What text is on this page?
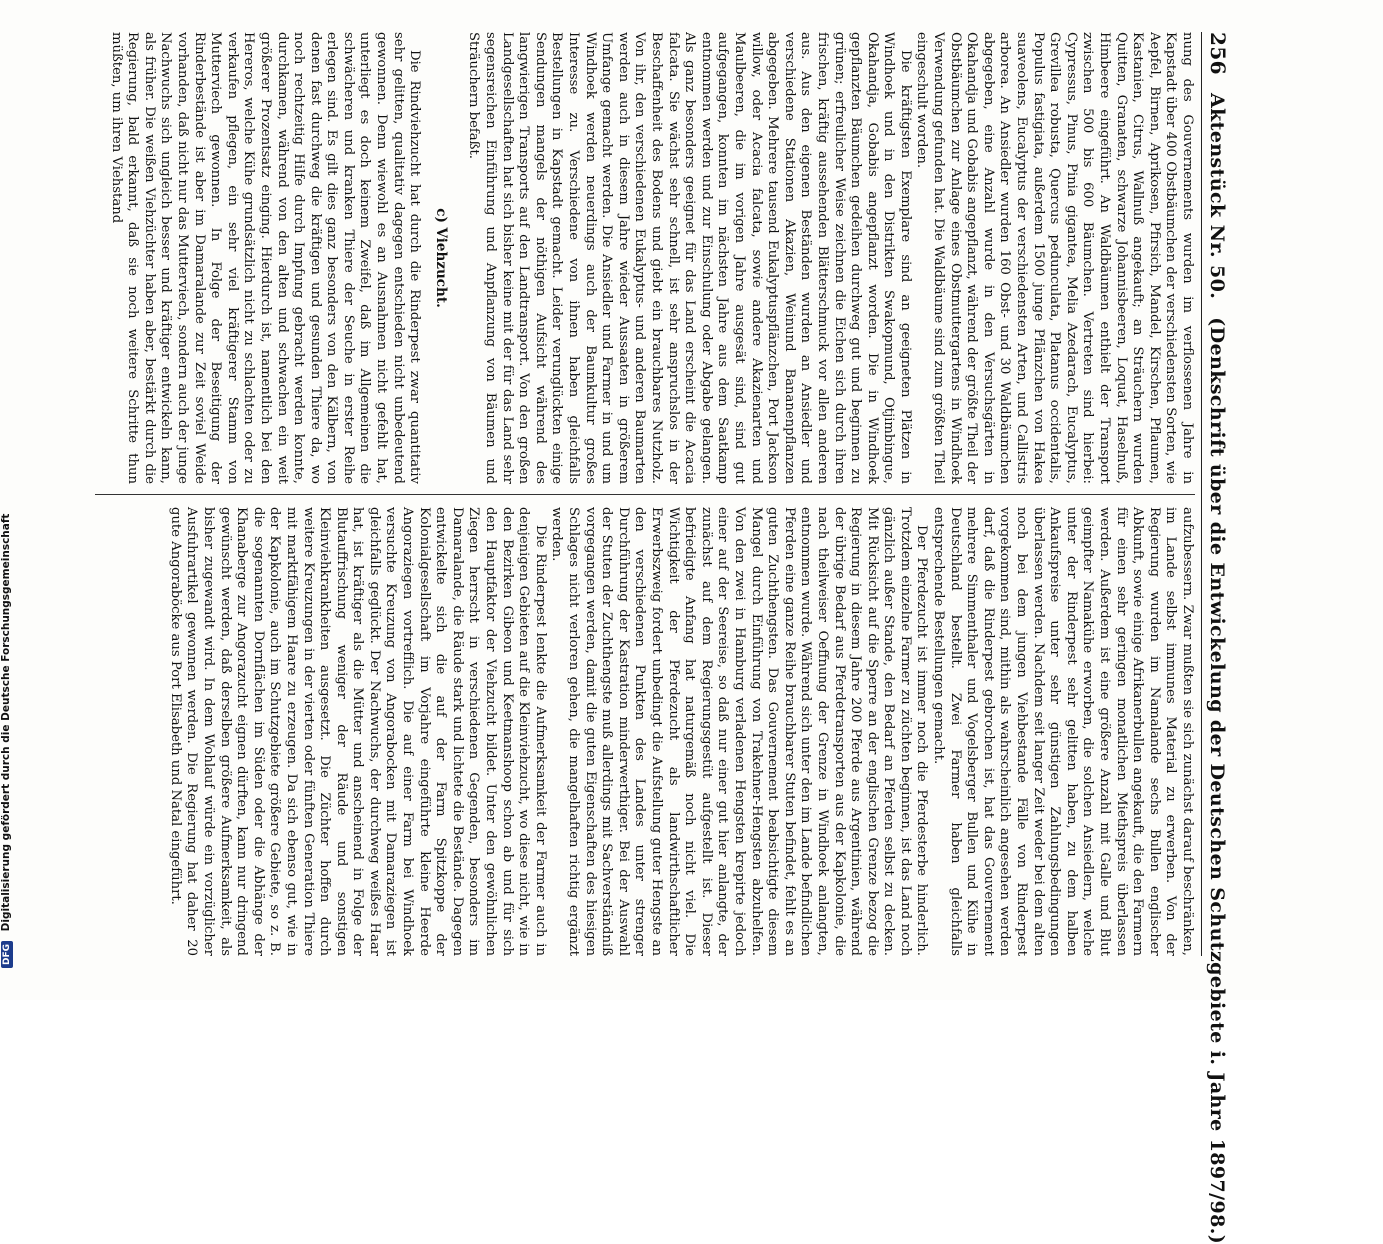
256
Aktenstück Nr. 50.
(Denkschrift über die Entwickelung der Deutschen Schutzgebiete i. Jahre 1897/98.)

nung des Gouvernements wurden im verflossenen Jahre in Kapstadt über 400 Obstbäumchen der verschiedensten Sorten, wie Aepfel, Birnen, Aprikosen, Pfirsich, Mandel, Kirschen, Pflaumen, Kastanien, Citrus, Wallnuß angekauft; an Sträuchern wurden Quitten, Granaten, schwarze Johannisbeeren, Loquat, Haselnuß, Himbeere eingeführt. An Waldbäumen enthielt der Transport zwischen 500 bis 600 Bäumchen. Vertreten sind hierbei: Cypressus, Pinus, Pinia gigantea, Melia Azedarach, Eucalyptus, Grevillea robusta, Quercus pedunculata, Platanus occidentalis, Populus fastigiata, außerdem 1500 junge Pflänzchen von Hakea suaveolens, Eucalyptus der verschiedensten Arten, und Callistris arborea. An Ansiedler wurden 160 Obst- und 30 Waldbäumchen abgegeben, eine Anzahl wurde in den Versuchsgärten in Okahandja und Gobabis angepflanzt, während der größte Theil der Obstbäumchen zur Anlage eines Obstmuttergartens in Windhoek Verwendung gefunden hat. Die Waldbäume sind zum größten Theil eingeschult worden.

Die kräftigsten Exemplare sind an geeigneten Plätzen in Windhoek und in den Distrikten Swakopmund, Otjimbingue, Okahandja, Gobabis angepflanzt worden. Die in Windhoek gepflanzten Bäumchen gedeihen durchweg gut und beginnen zu grünen; erfreulicher Weise zeichnen die Eichen sich durch ihren frischen, kräftig aussehenden Blätterschmuck vor allen anderen aus. Aus den eigenen Beständen wurden an Ansiedler und verschiedene Stationen Akazien, Weinund Bananenpflanzen abgegeben. Mehrere tausend Eukalyptuspflänzchen, Port Jackson willow, oder Acacia falcata, sowie andere Akazienarten und Maulbeeren, die im vorigen Jahre ausgesät sind, sind gut aufgegangen, konnten im nächsten Jahre aus dem Saatkamp entnommen werden und zur Einschulung oder Abgabe gelangen. Als ganz besonders geeignet für das Land erscheint die Acacia falcata. Sie wächst sehr schnell, ist sehr anspruchslos in der Beschaffenheit des Bodens und giebt ein brauchbares Nutzholz. Von ihr, den verschiedenen Eukalyptus- und anderen Baumarten werden auch in diesem Jahre wieder Aussaaten in größerem Umfange gemacht werden. Die Ansiedler und Farmer in und um Windhoek werden neuerdings auch der Baumkultur großes Interesse zu. Verschiedene von ihnen haben gleichfalls Bestellungen in Kapstadt gemacht. Leider verunglückten einige Sendungen mangels der nöthigen Aufsicht während des langwierigen Transports auf den Landtransport. Von den großen Landgesellschaften hat sich bisher keine mit der für das Land sehr segensreichen Einführung und Anpflanzung von Bäumen und Sträuchern befaßt.

c) Viehzucht.

Die Rindviehzucht hat durch die Rinderpest zwar quantitativ sehr gelitten, qualitativ dagegen entschieden nicht unbedeutend gewonnen. Denn wiewohl es an Ausnahmen nicht gefehlt hat, unterliegt es doch keinem Zweifel, daß im Allgemeinen die schwächeren und kranken Thiere der Seuche in erster Reihe erlegen sind. Es gilt dies ganz besonders von den Kälbern, von denen fast durchweg die kräftigen und gesunden Thiere da, wo noch rechtzeitig Hilfe durch Impfung gebracht werden konnte, durchkamen, während von den alten und schwachen ein weit größerer Prozentsatz einging. Hierdurch ist, namentlich bei den Hereros, welche Kühe grundsätzlich nicht zu schlachten oder zu verkaufen pflegen, ein sehr viel kräftigerer Stamm von Mutterviech gewonnen. In Folge der Beseitigung der Rinderbestände ist aber im Damaralande zur Zeit soviel Weide vorhanden, daß nicht nur das Mutterviech, sondern auch der junge Nachwuchs sich ungleich besser und kräftiger entwickeln kann, als früher. Die weißen Viehzüchter haben aber, bestärkt durch die Regierung, bald erkannt, daß sie noch weitere Schritte thun müßten, um ihren Viehstand

aufzubessern. Zwar mußten sie sich zunächst darauf beschränken, im Lande selbst immunes Material zu erwerben. Von der Regierung wurden im Namalande sechs Bullen englischer Abkunft, sowie einige Afrikanerbullen angekauft, die den Farmern für einen sehr geringen monatlichen Miethspreis überlassen werden. Außerdem ist eine größere Anzahl mit Galle und Blut geimpfter Namakühe erworben, die solchen Ansiedlern, welche unter der Rinderpest sehr gelitten haben, zu dem halben Ankaufspreise unter sehr günstigen Zahlungsbedingungen überlassen werden. Nachdem seit langer Zeit weder bei dem alten noch bei dem jungen Viehbestande Fälle von Rinderpest vorgekommen sind, mithin als wahrscheinlich angesehen werden darf, daß die Rinderpest gebrochen ist, hat das Gouvernement mehrere Simmenthaler und Vogelsberger Bullen und Kühe in Deutschland bestellt. Zwei Farmer haben gleichfalls entsprechende Bestellungen gemacht.

Der Pferdezucht ist immer noch die Pferdesterbe hinderlich. Trotzdem einzelne Farmer zu züchten beginnen, ist das Land noch gänzlich außer Stande, den Bedarf an Pferden selbst zu decken. Mit Rücksicht auf die Sperre an der englischen Grenze bezog die Regierung in diesem Jahre 200 Pferde aus Argentinien, während der übrige Bedarf aus Pferdetransporten aus der Kapkolonie, die nach theilweiser Oeffnung der Grenze in Windhoek anlangten, entnommen wurde. Während sich unter den im Lande befindlichen Pferden eine ganze Reihe brauchbarer Stuten befindet, fehlt es an guten Zuchthengsten. Das Gouvernement beabsichtigte diesem Mangel durch Einführung von Trakehner-Hengsten abzuhelfen. Von den zwei in Hamburg verladenen Hengsten krepirte jedoch einer auf der Seereise, so daß nur einer gut hier anlangte, der zunächst auf dem Regierungsgestüt aufgestellt ist. Dieser befriedigte Anfang hat naturgemäß noch nicht viel. Die Wichtigkeit der Pferdezucht als landwirthschaftlicher Erwerbszweig fordert unbedingt die Aufstellung guter Hengste an den verschiedenen Punkten des Landes unter strenger Durchführung der Kastration minderwerthiger. Bei der Auswahl der Stuten der Zuchthengste muß allerdings mit Sachverständniß vorgegangen werden, damit die guten Eigenschaften des hiesigen Schlages nicht verloren gehen, die mangelhaften richtig ergänzt werden.

Die Rinderpest lenkte die Aufmerksamkeit der Farmer auch in denjenigen Gebieten auf die Kleinviehzucht, wo diese nicht, wie in den Bezirken Gibeon und Keetmanshoop schon ab und für sich den Hauptfaktor der Viehzucht bildet. Unter den gewöhnlichen Ziegen herrscht in verschiedenen Gegenden, besonders im Damaralande, die Räude stark und lichtete die Bestände. Dagegen entwickelte sich die auf der Farm Spitzkoppe der Kolonialgesellschaft im Vorjahre eingeführte kleine Heerde Angoraziegen vortrefflich. Die auf einer Farm bei Windhoek versuchte Kreuzung von Angorabocken mit Damaraziegen ist gleichfalls geglückt. Der Nachwuchs, der durchweg weißes Haar hat, ist kräftiger als die Mütter und anscheinend in Folge der Blutauffrischung weniger der Räude und sonstigen Kleinviehkrankheiten ausgesetzt. Die Züchter hoffen durch weitere Kreuzungen in der vierten oder fünften Generation Thiere mit marktfähigem Haare zu erzeugen. Da sich ebenso gut, wie in der Kapkolonie, auch im Schutzgebiete größere Gebiete, so z. B. die sogenannten Dornflächen im Süden oder die Abhänge der Khanaberge zur Angorazucht eignen dürften, kann nur dringend gewünscht werden, daß derselben größere Aufmerksamkeit, als bisher zugewandt wird. In dem Wohlauf würde ein vorzüglicher Ausfuhrartikel gewonnen werden. Die Regierung hat daher 20 gute Angoraböcke aus Port Elisabeth und Natal eingeführt.

DFG Digitalisierung gefördert durch die Deutsche Forschungsgemeinschaft
